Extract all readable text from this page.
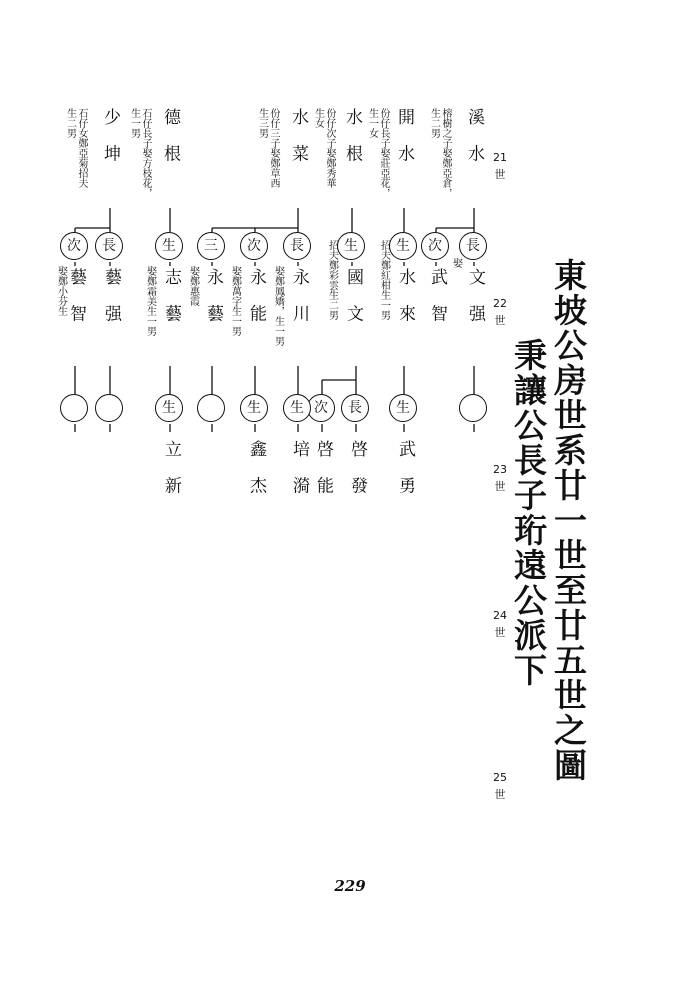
東坡公房世系廿一世至廿五世之圖
秉讓公長子珩遠公派下
21
世
22
世
23
世
24
世
25
世
溪 水
榕樹之子娶鄭亞倉，
生二男
開 水
份仔長子娶莊亞花，
生一女
水 根
份仔次子娶鄭秀華
生女
水 菜
份仔三子娶鄭草西
生三男
德 根
石仔長子娶方枝花，
生一男
少 坤
石仔女鄭亞菊招夫
生二男
長
次
生
生
長
次
三
生
長
次
文 强
娶
武 智
水 來
招夫鄭紅柑生一男
國 文
招夫鄭彩雲生二男
永 川
娶鄭鳳嬌，生一男
永 能
娶鄭萬字生一男
永 藝
娶鄭惠霞
志 藝
娶鄭霜美生一男
藝 强
藝 智
娶鄭小芬生
生
長
次
生
生
生
武 勇
啓 發
啓 能
培 漪
鑫 杰
立 新
229
